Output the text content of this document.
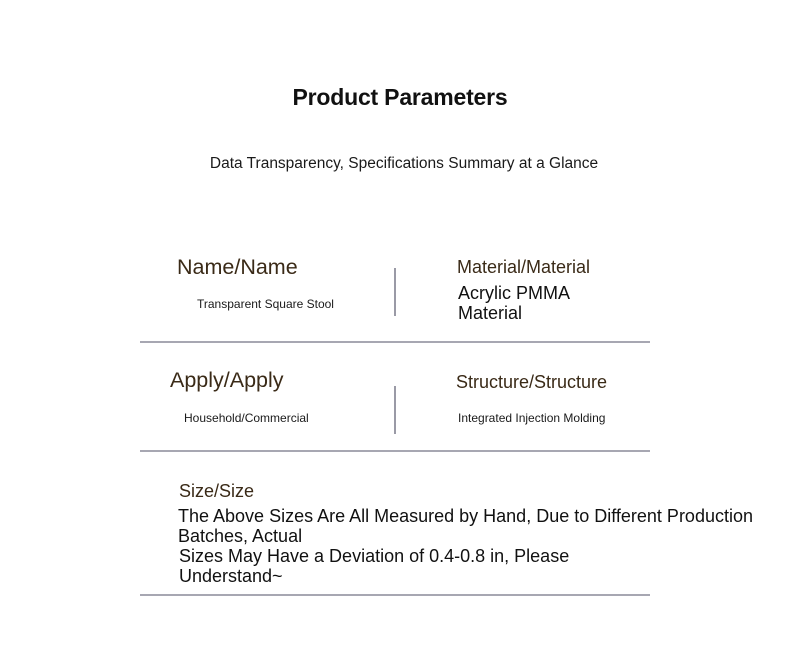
Product Parameters
Data Transparency, Specifications Summary at a Glance
Name/Name
Transparent Square Stool
Material/Material
Acrylic PMMA
Material
Apply/Apply
Household/Commercial
Structure/Structure
Integrated Injection Molding
Size/Size
The Above Sizes Are All Measured by Hand, Due to Different Production
Batches, Actual
Sizes May Have a Deviation of 0.4-0.8 in, Please
Understand~
